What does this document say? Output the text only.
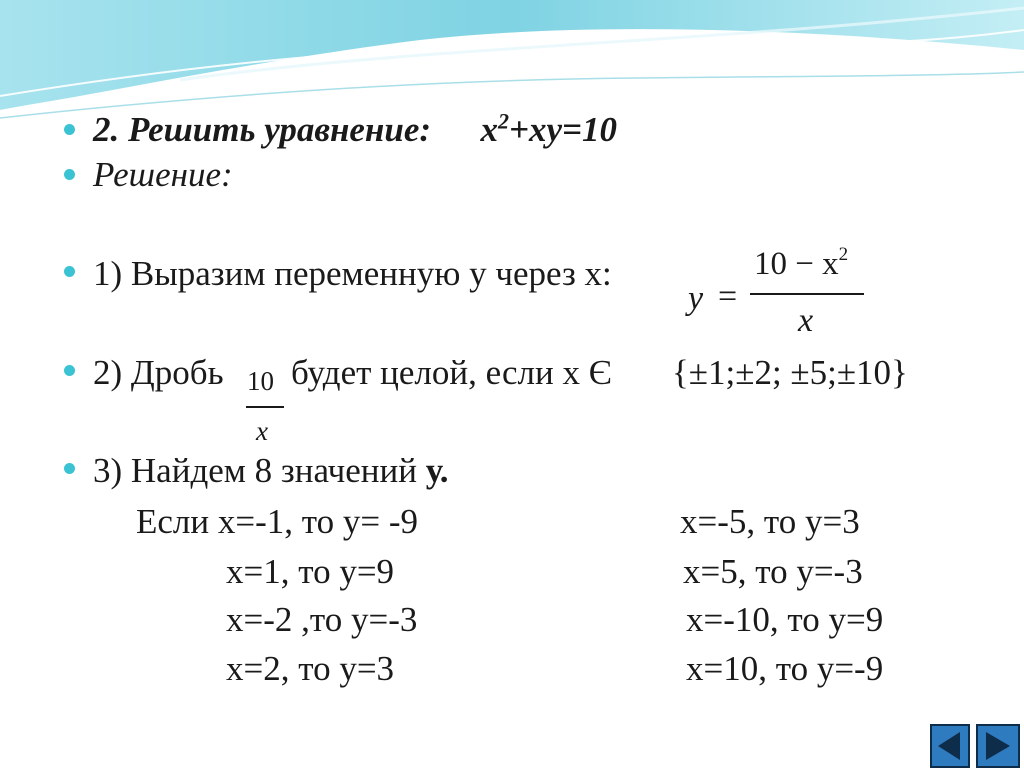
2. Решить уравнение: $x^2+xy=10$
Решение:
1) Выразим переменную у через х:
y =
$10 - x^2$
x
2) Дробь 10
x
будет целой, если х Є {±1;±2; ±5;±10}
3) Найдем 8 значений у.
Если х=-1, то у= -9
х=1, то у=9
х=-2 ,то у=-3
х=2, то у=3
х=-5, то у=3
х=5, то у=-3
х=-10, то у=9
х=10, то у=-9
